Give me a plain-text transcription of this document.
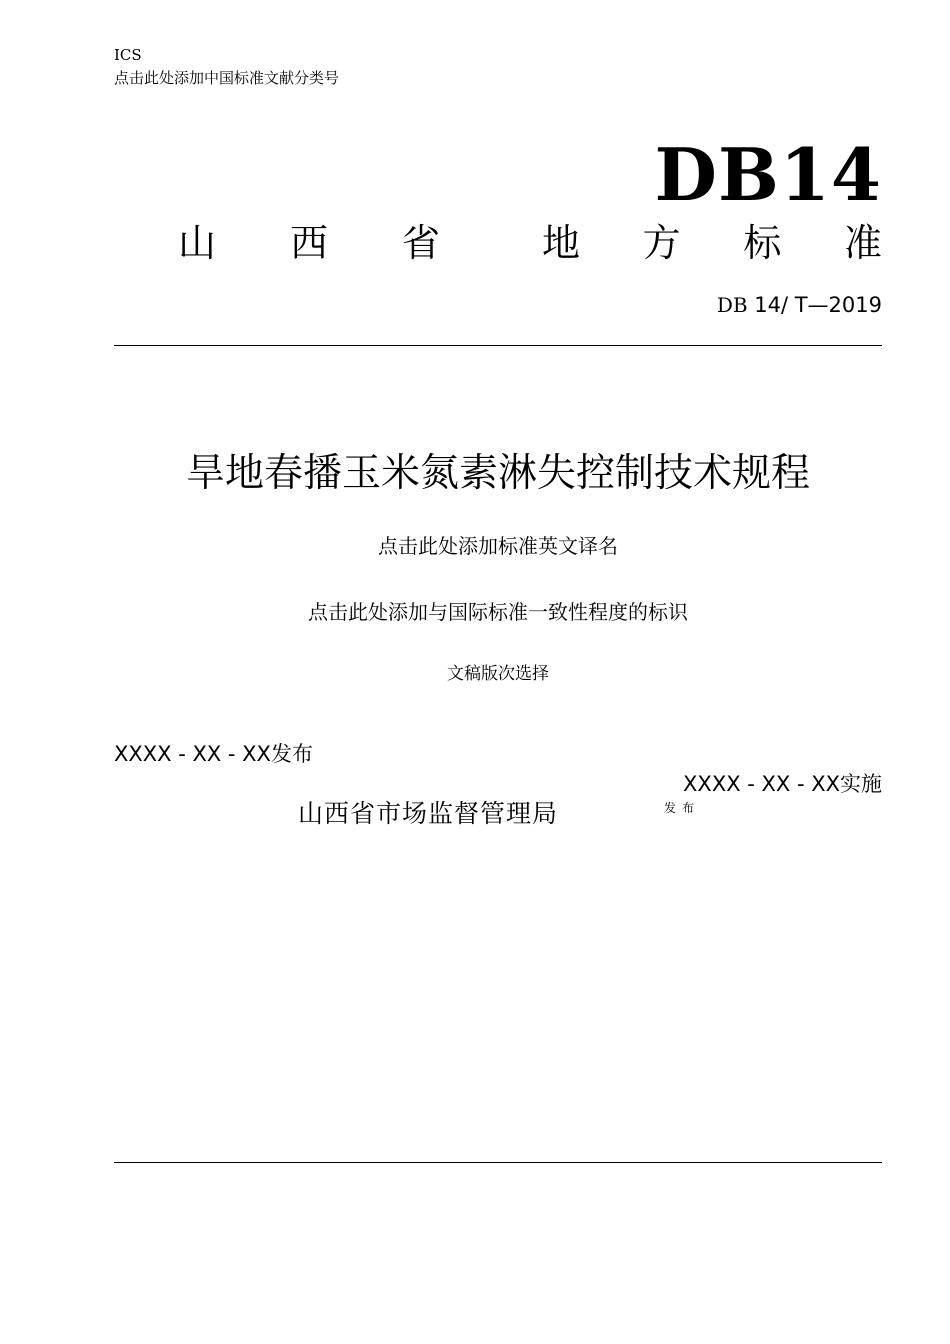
ICS
点击此处添加中国标准文献分类号
DB14
山 西 省	地 方 标 准
DB 14/ T—2019
旱地春播玉米氮素淋失控制技术规程
点击此处添加标准英文译名
点击此处添加与国际标准一致性程度的标识
文稿版次选择
XXXX - XX - XX发布
XXXX - XX - XX实施
山西省市场监督管理局	发布
